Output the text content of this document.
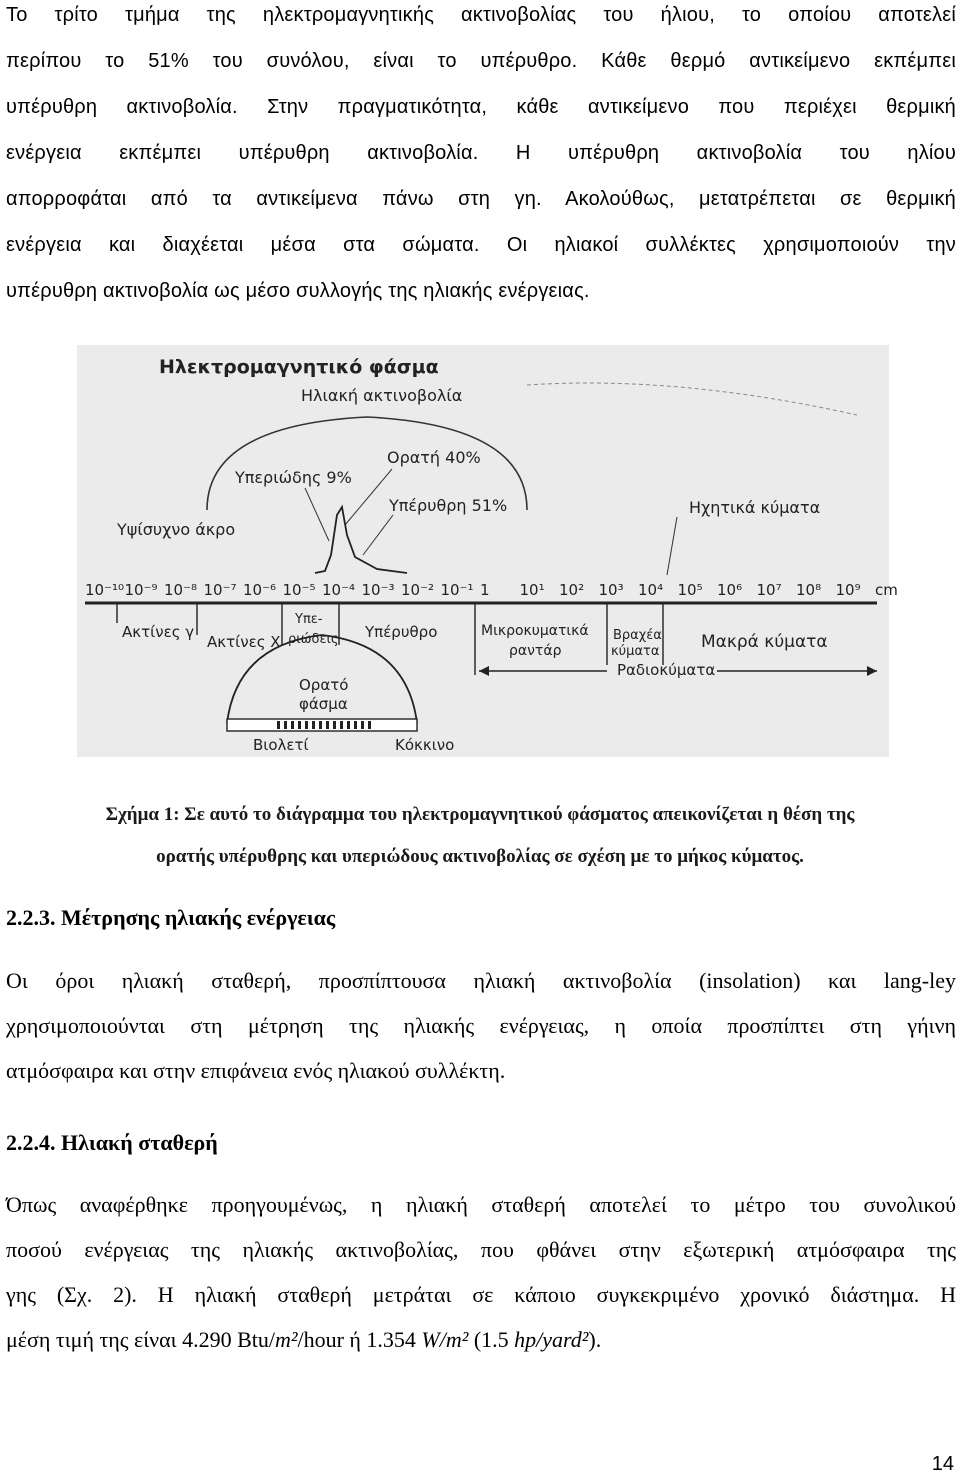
Το τρίτο τμήμα της ηλεκτρομαγνητικής ακτινοβολίας του ήλιου, το οποίου αποτελεί
περίπου το 51% του συνόλου, είναι το υπέρυθρο. Κάθε θερμό αντικείμενο εκπέμπει
υπέρυθρη ακτινοβολία. Στην πραγματικότητα, κάθε αντικείμενο που περιέχει θερμική
ενέργεια εκπέμπει υπέρυθρη ακτινοβολία. Η υπέρυθρη ακτινοβολία του ηλίου
απορροφάται από τα αντικείμενα πάνω στη γη. Ακολούθως, μετατρέπεται σε θερμική
ενέργεια και διαχέεται μέσα στα σώματα. Οι ηλιακοί συλλέκτες χρησιμοποιούν την
υπέρυθρη ακτινοβολία ως μέσο συλλογής της ηλιακής ενέργειας.
Ηλεκτρομαγνητικό φάσμα
Ηλιακή ακτινοβολία
Ορατή 40%
Υπεριώδης 9%
Υπέρυθρη 51%
Υψίσυχνο άκρο
Ηχητικά κύματα
10⁻¹⁰ 10⁻⁹ 10⁻⁸ 10⁻⁷ 10⁻⁶ 10⁻⁵ 10⁻⁴ 10⁻³ 10⁻² 10⁻¹ 1 10¹ 10² 10³ 10⁴ 10⁵ 10⁶ 10⁷ 10⁸ 10⁹ cm
Ακτίνες γ
Ακτίνες Χ
Υπε-
ριώδεις Υπέρυθρο	Μικροκυματικά
ραντάρ
Βραχέα
κύματα Μακρά κύματα
Ραδιοκύματα
Ορατό
φάσμα
Βιολετί	Κόκκινο
Σχήμα 1: Σε αυτό το διάγραμμα του ηλεκτρομαγνητικού φάσματος απεικονίζεται η θέση της
ορατής υπέρυθρης και υπεριώδους ακτινοβολίας σε σχέση με το μήκος κύματος.
2.2.3. Μέτρησης ηλιακής ενέργειας
Οι όροι ηλιακή σταθερή, προσπίπτουσα ηλιακή ακτινοβολία (insolation) και lang-ley
χρησιμοποιούνται στη μέτρηση της ηλιακής ενέργειας, η οποία προσπίπτει στη γήινη
ατμόσφαιρα και στην επιφάνεια ενός ηλιακού συλλέκτη.
2.2.4. Ηλιακή σταθερή
Όπως αναφέρθηκε προηγουμένως, η ηλιακή σταθερή αποτελεί το μέτρο του συνολικού
ποσού ενέργειας της ηλιακής ακτινοβολίας, που φθάνει στην εξωτερική ατμόσφαιρα της
γης (Σχ. 2). Η ηλιακή σταθερή μετράται σε κάποιο συγκεκριμένο χρονικό διάστημα. Η
μέση τιμή της είναι 4.290 Btu/m²/hour ή 1.354 W/m² (1.5 hp/yard²).
14
